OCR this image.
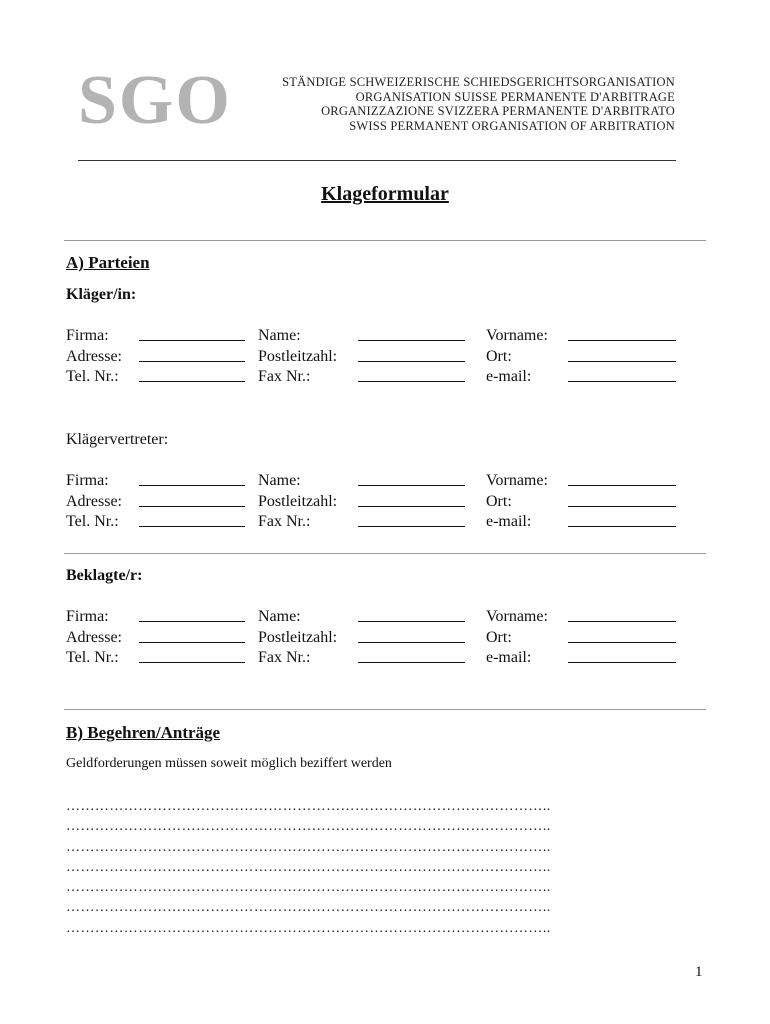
SGO	STÄNDIGE SCHWEIZERISCHE SCHIEDSGERICHTSORGANISATION
ORGANISATION SUISSE PERMANENTE D'ARBITRAGE
ORGANIZZAZIONE SVIZZERA PERMANENTE D'ARBITRATO
SWISS PERMANENT ORGANISATION OF ARBITRATION
Klageformular
A) Parteien
Kläger/in:
Firma:	Name:	Vorname:
Adresse:	Postleitzahl:	Ort:
Tel. Nr.:	Fax Nr.:	e-mail:
Klägervertreter:
Firma:	Name:	Vorname:
Adresse:	Postleitzahl:	Ort:
Tel. Nr.:	Fax Nr.:	e-mail:
Beklagte/r:
Firma:	Name:	Vorname:
Adresse:	Postleitzahl:	Ort:
Tel. Nr.:	Fax Nr.:	e-mail:
B) Begehren/Anträge
Geldforderungen müssen soweit möglich beziffert werden
………………………………………………………………………………………..
………………………………………………………………………………………..
………………………………………………………………………………………..
………………………………………………………………………………………..
………………………………………………………………………………………..
………………………………………………………………………………………..
………………………………………………………………………………………..
1
